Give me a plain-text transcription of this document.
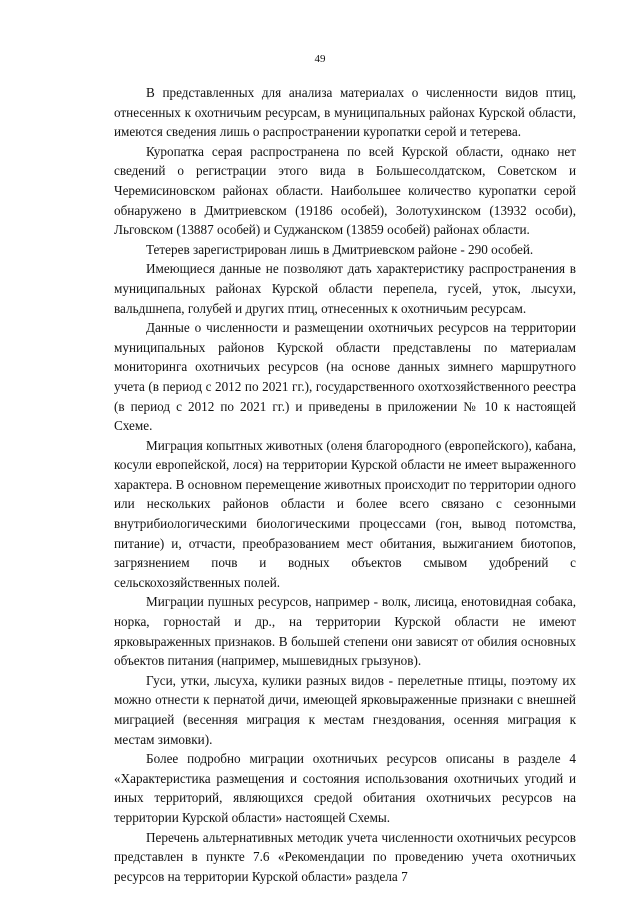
49

В представленных для анализа материалах о численности видов птиц, отнесенных к охотничьим ресурсам, в муниципальных районах Курской области, имеются сведения лишь о распространении куропатки серой и тетерева.

Куропатка серая распространена по всей Курской области, однако нет сведений о регистрации этого вида в Большесолдатском, Советском и Черемисиновском районах области. Наибольшее количество куропатки серой обнаружено в Дмитриевском (19186 особей), Золотухинском (13932 особи), Льговском (13887 особей) и Суджанском (13859 особей) районах области.

Тетерев зарегистрирован лишь в Дмитриевском районе - 290 особей.

Имеющиеся данные не позволяют дать характеристику распространения в муниципальных районах Курской области перепела, гусей, уток, лысухи, вальдшнепа, голубей и других птиц, отнесенных к охотничьим ресурсам.

Данные о численности и размещении охотничьих ресурсов на территории муниципальных районов Курской области представлены по материалам мониторинга охотничьих ресурсов (на основе данных зимнего маршрутного учета (в период с 2012 по 2021 гг.), государственного охотхозяйственного реестра (в период с 2012 по 2021 гг.) и приведены в приложении № 10 к настоящей Схеме.

Миграция копытных животных (оленя благородного (европейского), кабана, косули европейской, лося) на территории Курской области не имеет выраженного характера. В основном перемещение животных происходит по территории одного или нескольких районов области и более всего связано с сезонными внутрибиологическими биологическими процессами (гон, вывод потомства, питание) и, отчасти, преобразованием мест обитания, выжиганием биотопов, загрязнением почв и водных объектов смывом удобрений с сельскохозяйственных полей.

Миграции пушных ресурсов, например - волк, лисица, енотовидная собака, норка, горностай и др., на территории Курской области не имеют ярковыраженных признаков. В большей степени они зависят от обилия основных объектов питания (например, мышевидных грызунов).

Гуси, утки, лысуха, кулики разных видов - перелетные птицы, поэтому их можно отнести к пернатой дичи, имеющей ярковыраженные признаки с внешней миграцией (весенняя миграция к местам гнездования, осенняя миграция к местам зимовки).

Более подробно миграции охотничьих ресурсов описаны в разделе 4 «Характеристика размещения и состояния использования охотничьих угодий и иных территорий, являющихся средой обитания охотничьих ресурсов на территории Курской области» настоящей Схемы.

Перечень альтернативных методик учета численности охотничьих ресурсов представлен в пункте 7.6 «Рекомендации по проведению учета охотничьих ресурсов на территории Курской области» раздела 7
